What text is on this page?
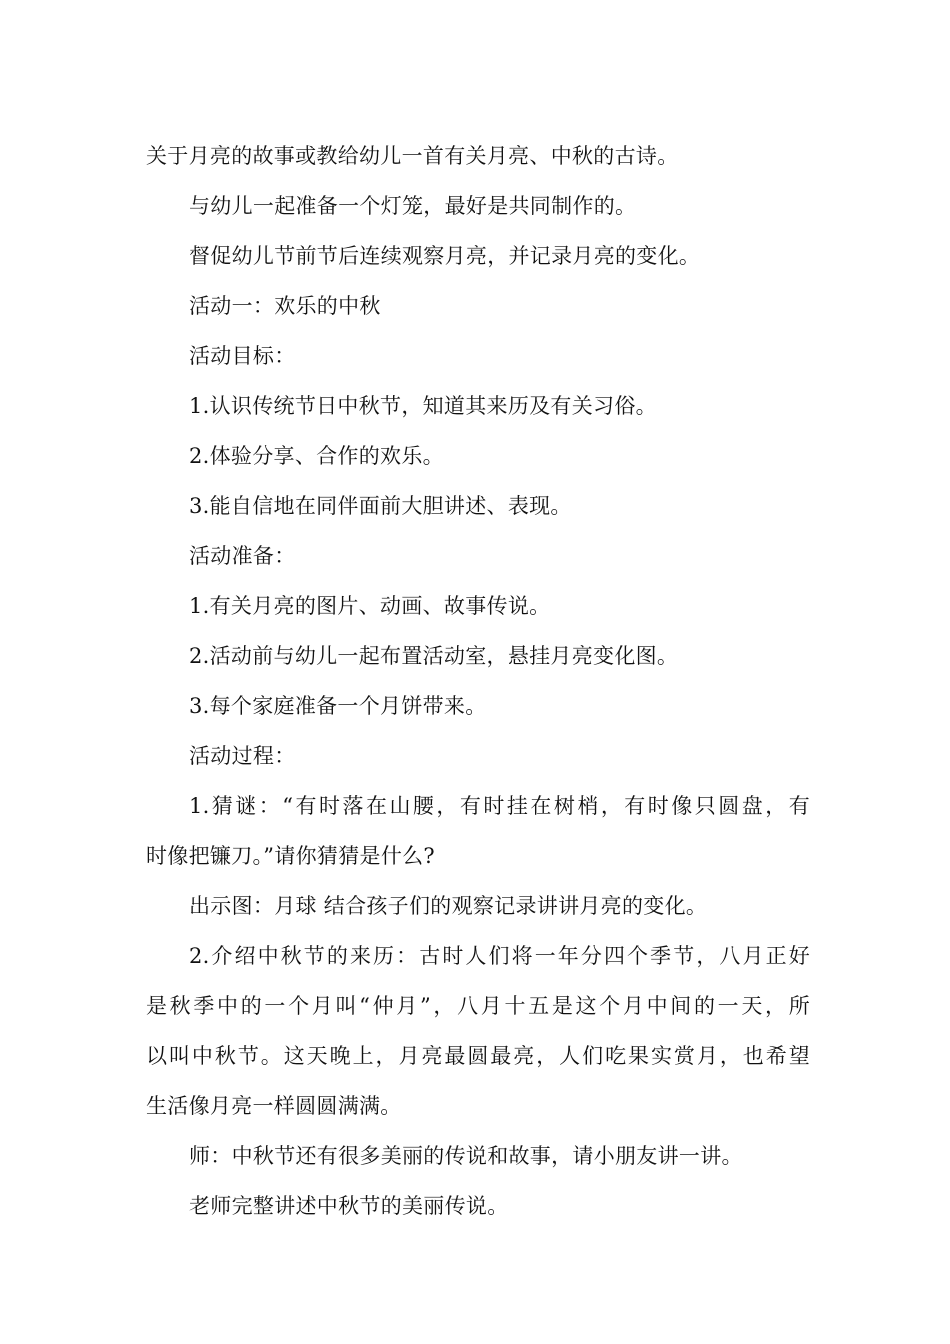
关于月亮的故事或教给幼儿一首有关月亮、中秋的古诗。
与幼儿一起准备一个灯笼，最好是共同制作的。
督促幼儿节前节后连续观察月亮，并记录月亮的变化。
活动一：欢乐的中秋
活动目标：
1.认识传统节日中秋节，知道其来历及有关习俗。
2.体验分享、合作的欢乐。
3.能自信地在同伴面前大胆讲述、表现。
活动准备：
1.有关月亮的图片、动画、故事传说。
2.活动前与幼儿一起布置活动室，悬挂月亮变化图。
3.每个家庭准备一个月饼带来。
活动过程：
1.猜谜：“有时落在山腰，有时挂在树梢，有时像只圆盘，有
时像把镰刀。”请你猜猜是什么?
出示图：月球 结合孩子们的观察记录讲讲月亮的变化。
2.介绍中秋节的来历：古时人们将一年分四个季节，八月正好
是秋季中的一个月叫“仲月”，八月十五是这个月中间的一天，所
以叫中秋节。这天晚上，月亮最圆最亮，人们吃果实赏月，也希望
生活像月亮一样圆圆满满。
师：中秋节还有很多美丽的传说和故事，请小朋友讲一讲。
老师完整讲述中秋节的美丽传说。
